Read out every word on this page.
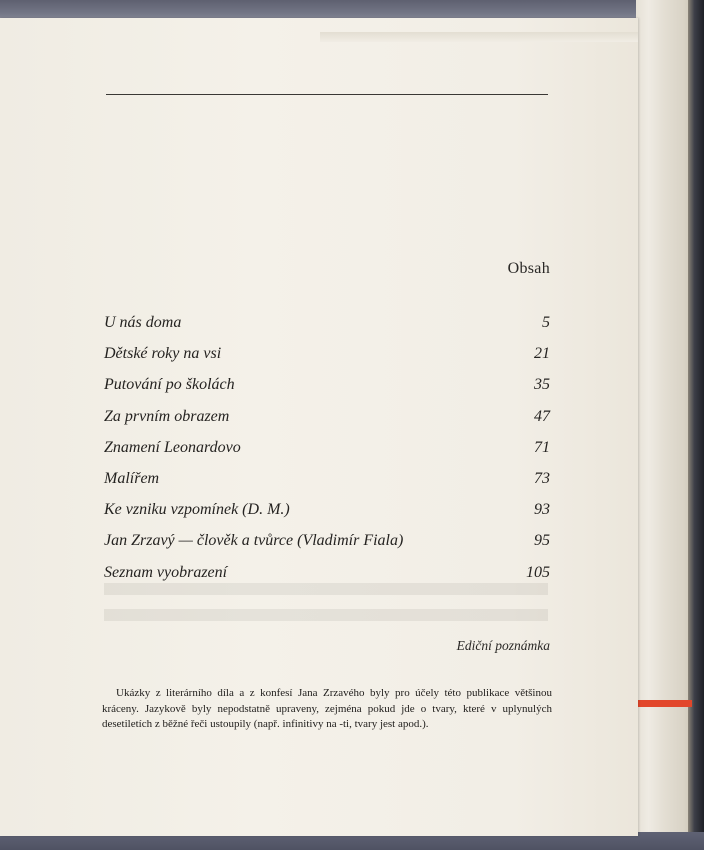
Obsah
U nás doma	5
Dětské roky na vsi	21
Putování po školách	35
Za prvním obrazem	47
Znamení Leonardovo	71
Malířem	73
Ke vzniku vzpomínek (D. M.)	93
Jan Zrzavý — člověk a tvůrce (Vladimír Fiala)	95
Seznam vyobrazení	105
Ediční poznámka
Ukázky z literárního díla a z konfesí Jana Zrzavého byly pro účely této publikace většinou kráceny. Jazykově byly nepodstatně upraveny, zejména pokud jde o tvary, které v uplynulých desetiletích z běžné řeči ustoupily (např. infinitivy na -ti, tvary jest apod.).
